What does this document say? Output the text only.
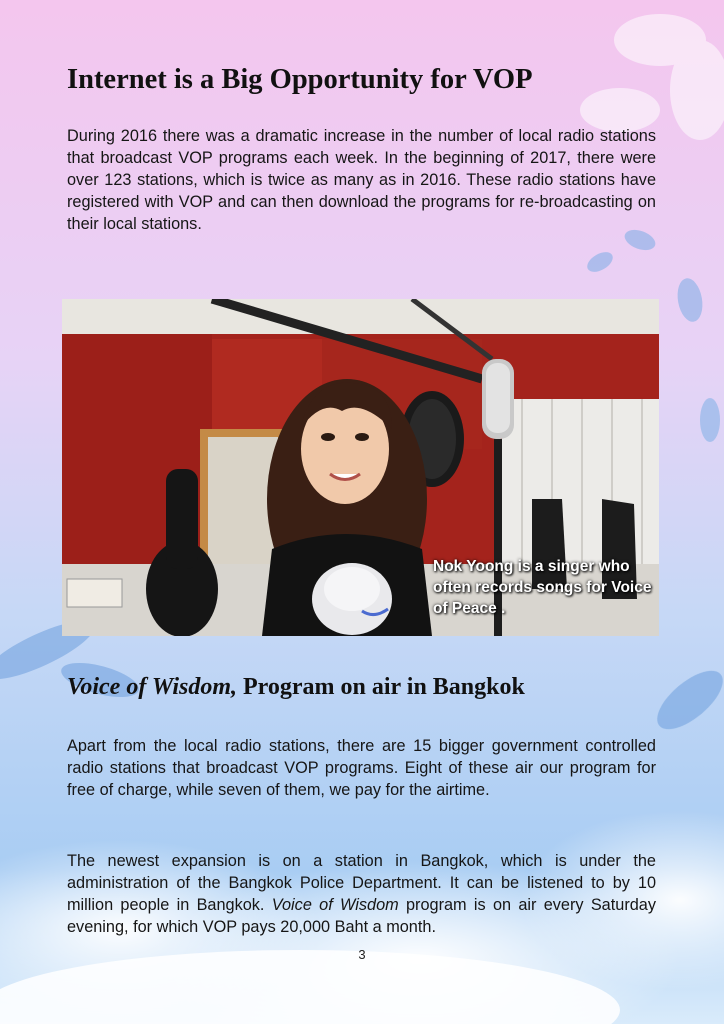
Internet is a Big Opportunity for VOP

During 2016 there was a dramatic increase in the number of local radio stations that broadcast VOP programs each week. In the beginning of 2017, there were over 123 stations, which is twice as many as in 2016. These radio stations have registered with VOP and can then download the programs for re-broadcasting on their local stations.

Nok Yoong is a singer who often records songs for Voice of Peace .
Voice of Wisdom, Program on air in Bangkok

Apart from the local radio stations, there are 15 bigger government controlled radio stations that broadcast VOP programs. Eight of these air our program for free of charge, while seven of them, we pay for the airtime.

The newest expansion is on a station in Bangkok, which is under the administration of the Bangkok Police Department. It can be listened to by 10 million people in Bangkok. Voice of Wisdom program is on air every Saturday evening, for which VOP pays 20,000 Baht a month.

3
